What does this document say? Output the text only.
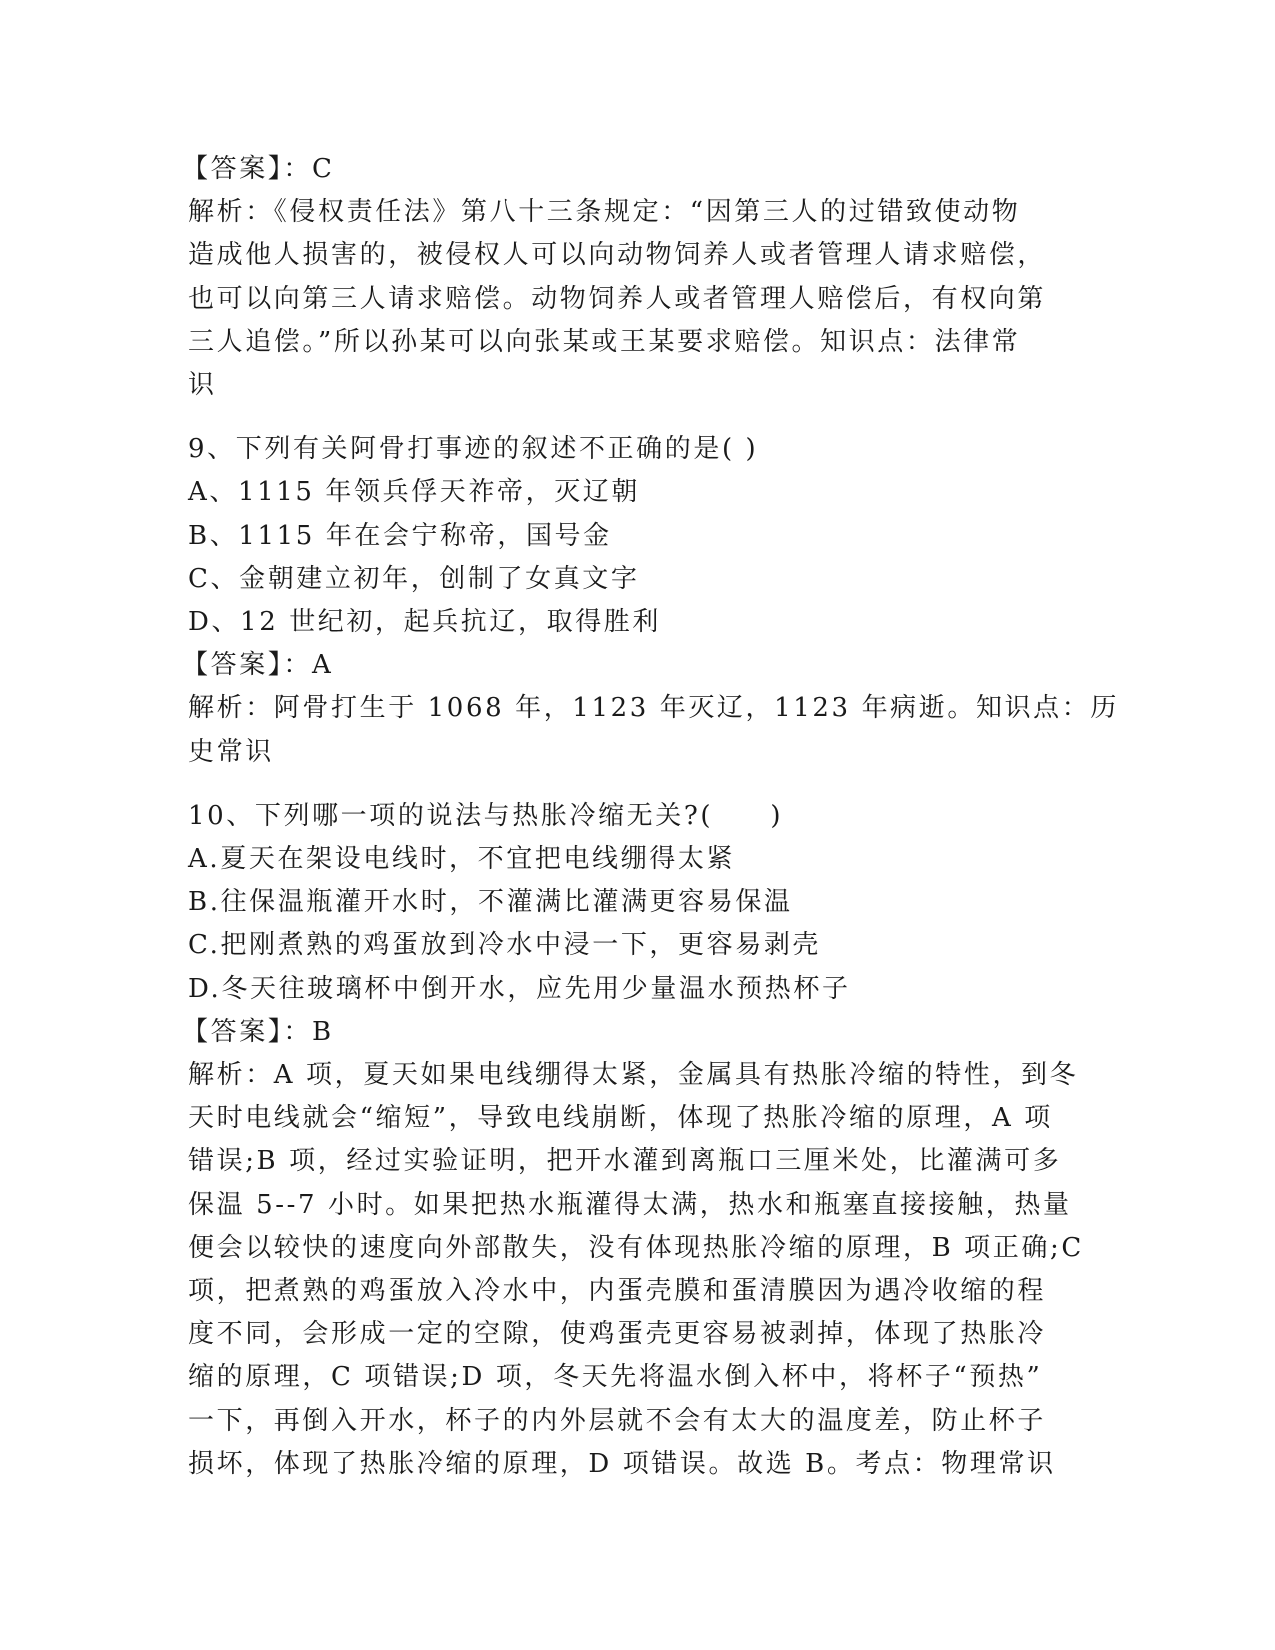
【答案】：C

解析：《侵权责任法》第八十三条规定：“因第三人的过错致使动物

造成他人损害的，被侵权人可以向动物饲养人或者管理人请求赔偿，

也可以向第三人请求赔偿。动物饲养人或者管理人赔偿后，有权向第

三人追偿。”所以孙某可以向张某或王某要求赔偿。知识点：法律常

识

9、下列有关阿骨打事迹的叙述不正确的是( )

A、1115 年领兵俘天祚帝，灭辽朝

B、1115 年在会宁称帝，国号金

C、金朝建立初年，创制了女真文字

D、12 世纪初，起兵抗辽，取得胜利

【答案】：A

解析：阿骨打生于 1068 年，1123 年灭辽，1123 年病逝。知识点：历

史常识

10、下列哪一项的说法与热胀冷缩无关?(　　)

A.夏天在架设电线时，不宜把电线绷得太紧

B.往保温瓶灌开水时，不灌满比灌满更容易保温

C.把刚煮熟的鸡蛋放到冷水中浸一下，更容易剥壳

D.冬天往玻璃杯中倒开水，应先用少量温水预热杯子

【答案】：B

解析：A 项，夏天如果电线绷得太紧，金属具有热胀冷缩的特性，到冬

天时电线就会“缩短”，导致电线崩断，体现了热胀冷缩的原理，A 项

错误;B 项，经过实验证明，把开水灌到离瓶口三厘米处，比灌满可多

保温 5--7 小时。如果把热水瓶灌得太满，热水和瓶塞直接接触，热量

便会以较快的速度向外部散失，没有体现热胀冷缩的原理，B 项正确;C

项，把煮熟的鸡蛋放入冷水中，内蛋壳膜和蛋清膜因为遇冷收缩的程

度不同，会形成一定的空隙，使鸡蛋壳更容易被剥掉，体现了热胀冷

缩的原理，C 项错误;D 项，冬天先将温水倒入杯中，将杯子“预热”

一下，再倒入开水，杯子的内外层就不会有太大的温度差，防止杯子

损坏，体现了热胀冷缩的原理，D 项错误。故选 B。考点：物理常识
